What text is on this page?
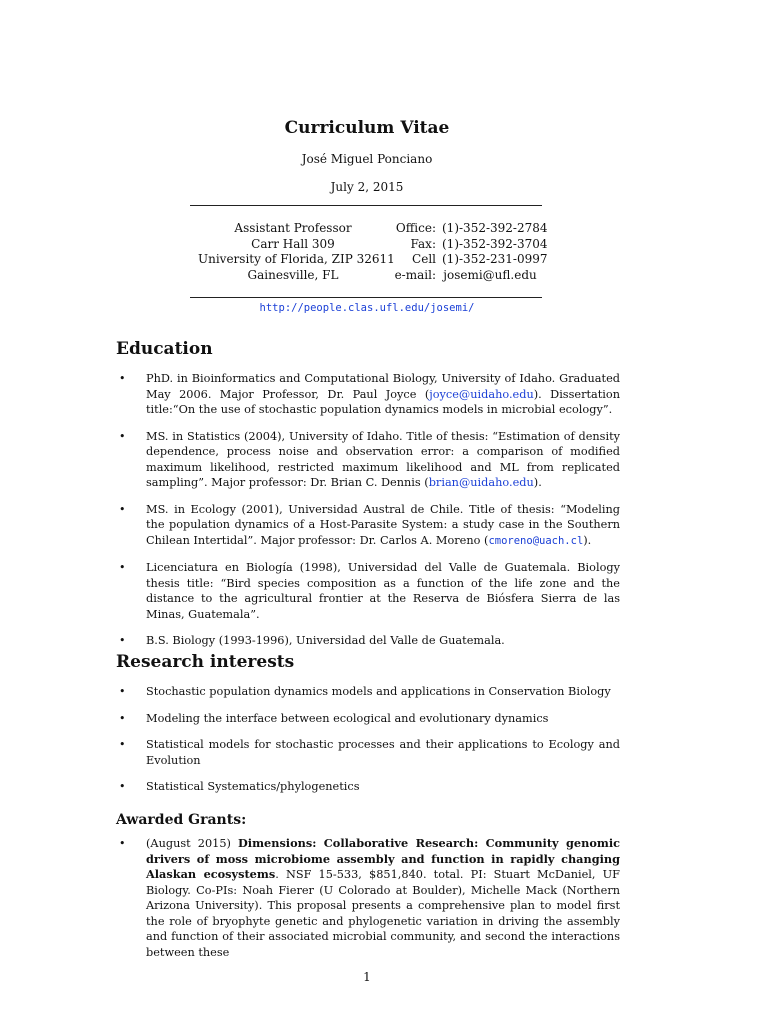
Curriculum Vitae
José Miguel Ponciano
July 2, 2015
Assistant Professor
Carr Hall 309
University of Florida, ZIP 32611
Gainesville, FL
Office:
Fax:
Cell
e-mail:
(1)-352-392-2784
(1)-352-392-3704
(1)-352-231-0997
josemi@ufl.edu
http://people.clas.ufl.edu/josemi/
Education
• PhD. in Bioinformatics and Computational Biology, University of Idaho. Graduated May 2006. Major Professor, Dr. Paul Joyce (joyce@uidaho.edu). Dissertation title:“On the use of stochastic population dynamics models in microbial ecology”.
• MS. in Statistics (2004), University of Idaho. Title of thesis: “Estimation of density dependence, process noise and observation error: a comparison of modified maximum likelihood, restricted maximum likelihood and ML from replicated sampling”. Major professor: Dr. Brian C. Dennis (brian@uidaho.edu).
• MS. in Ecology (2001), Universidad Austral de Chile. Title of thesis: “Modeling the population dynamics of a Host-Parasite System: a study case in the Southern Chilean Intertidal”. Major professor: Dr. Carlos A. Moreno (cmoreno@uach.cl).
• Licenciatura en Biología (1998), Universidad del Valle de Guatemala. Biology thesis title: “Bird species composition as a function of the life zone and the distance to the agricultural frontier at the Reserva de Biósfera Sierra de las Minas, Guatemala”.
• B.S. Biology (1993-1996), Universidad del Valle de Guatemala.
Research interests
• Stochastic population dynamics models and applications in Conservation Biology
• Modeling the interface between ecological and evolutionary dynamics
• Statistical models for stochastic processes and their applications to Ecology and Evolution
• Statistical Systematics/phylogenetics
Awarded Grants:
• (August 2015) Dimensions: Collaborative Research: Community genomic drivers of moss microbiome assembly and function in rapidly changing Alaskan ecosystems. NSF 15-533, $851,840. total. PI: Stuart McDaniel, UF Biology. Co-PIs: Noah Fierer (U Colorado at Boulder), Michelle Mack (Northern Arizona University). This proposal presents a comprehensive plan to model first the role of bryophyte genetic and phylogenetic variation in driving the assembly and function of their associated microbial community, and second the interactions between these
1
